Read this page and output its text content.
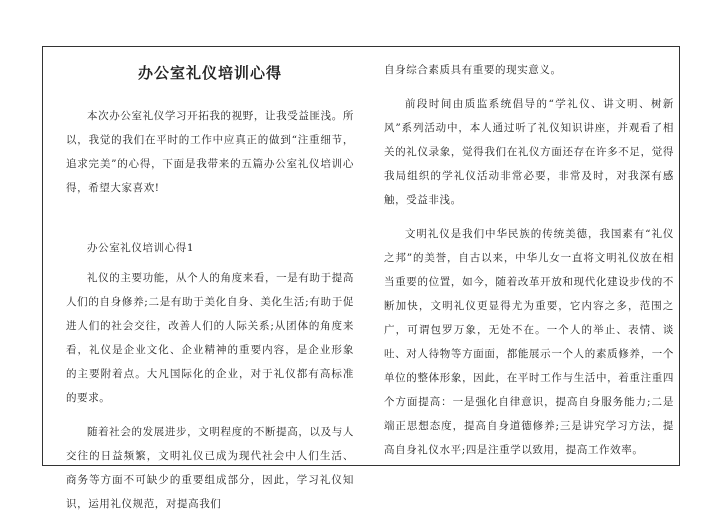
办公室礼仪培训心得

本次办公室礼仪学习开拓我的视野，让我受益匪浅。所以，我觉的我们在平时的工作中应真正的做到“注重细节，追求完美”的心得，下面是我带来的五篇办公室礼仪培训心得，希望大家喜欢!

办公室礼仪培训心得1

礼仪的主要功能，从个人的角度来看，一是有助于提高人们的自身修养;二是有助于美化自身、美化生活;有助于促进人们的社会交往，改善人们的人际关系;从团体的角度来看，礼仪是企业文化、企业精神的重要内容，是企业形象的主要附着点。大凡国际化的企业，对于礼仪都有高标准的要求。

随着社会的发展进步，文明程度的不断提高，以及与人交往的日益频繁，文明礼仪已成为现代社会中人们生活、商务等方面不可缺少的重要组成部分，因此，学习礼仪知识，运用礼仪规范，对提高我们

自身综合素质具有重要的现实意义。

前段时间由质监系统倡导的“学礼仪、讲文明、树新风”系列活动中，本人通过听了礼仪知识讲座，并观看了相关的礼仪录象，觉得我们在礼仪方面还存在许多不足，觉得我局组织的学礼仪活动非常必要，非常及时，对我深有感触，受益非浅。

文明礼仪是我们中华民族的传统美德，我国素有“礼仪之邦”的美誉，自古以来，中华儿女一直将文明礼仪放在相当重要的位置，如今，随着改革开放和现代化建设步伐的不断加快，文明礼仪更显得尤为重要，它内容之多，范围之广，可谓包罗万象，无处不在。一个人的举止、表情、谈吐、对人待物等方面面，都能展示一个人的素质修养，一个单位的整体形象，因此，在平时工作与生活中，着重注重四个方面提高：一是强化自律意识，提高自身服务能力;二是端正思想态度，提高自身道德修养;三是讲究学习方法，提高自身礼仪水平;四是注重学以致用，提高工作效率。
